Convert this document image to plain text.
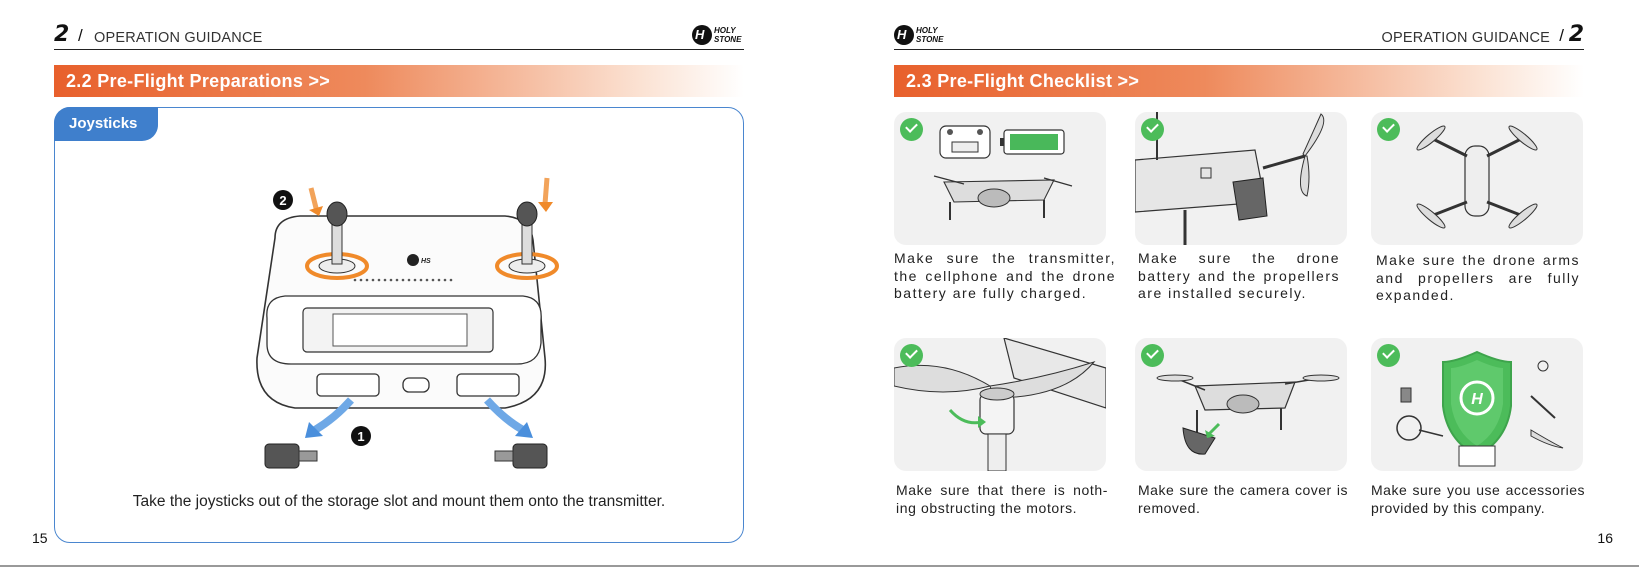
2 / OPERATION GUIDANCE	H HOLY STONE
2.2 Pre-Flight Preparations >>
Joysticks
HS
2
1
Take the joysticks out of the storage slot and mount them onto the transmitter.
15
H HOLY STONE	OPERATION GUIDANCE / 2
2.3 Pre-Flight Checklist >>
Make sure the transmitter, the cellphone and the drone battery are fully charged.
Make sure the drone battery and the propellers are installed securely.
Make sure the drone arms and propellers are fully expanded.
Make sure that there is noth-ing obstructing the motors.
Make sure the camera cover is removed.
H
Make sure you use accessories provided by this company.
16
